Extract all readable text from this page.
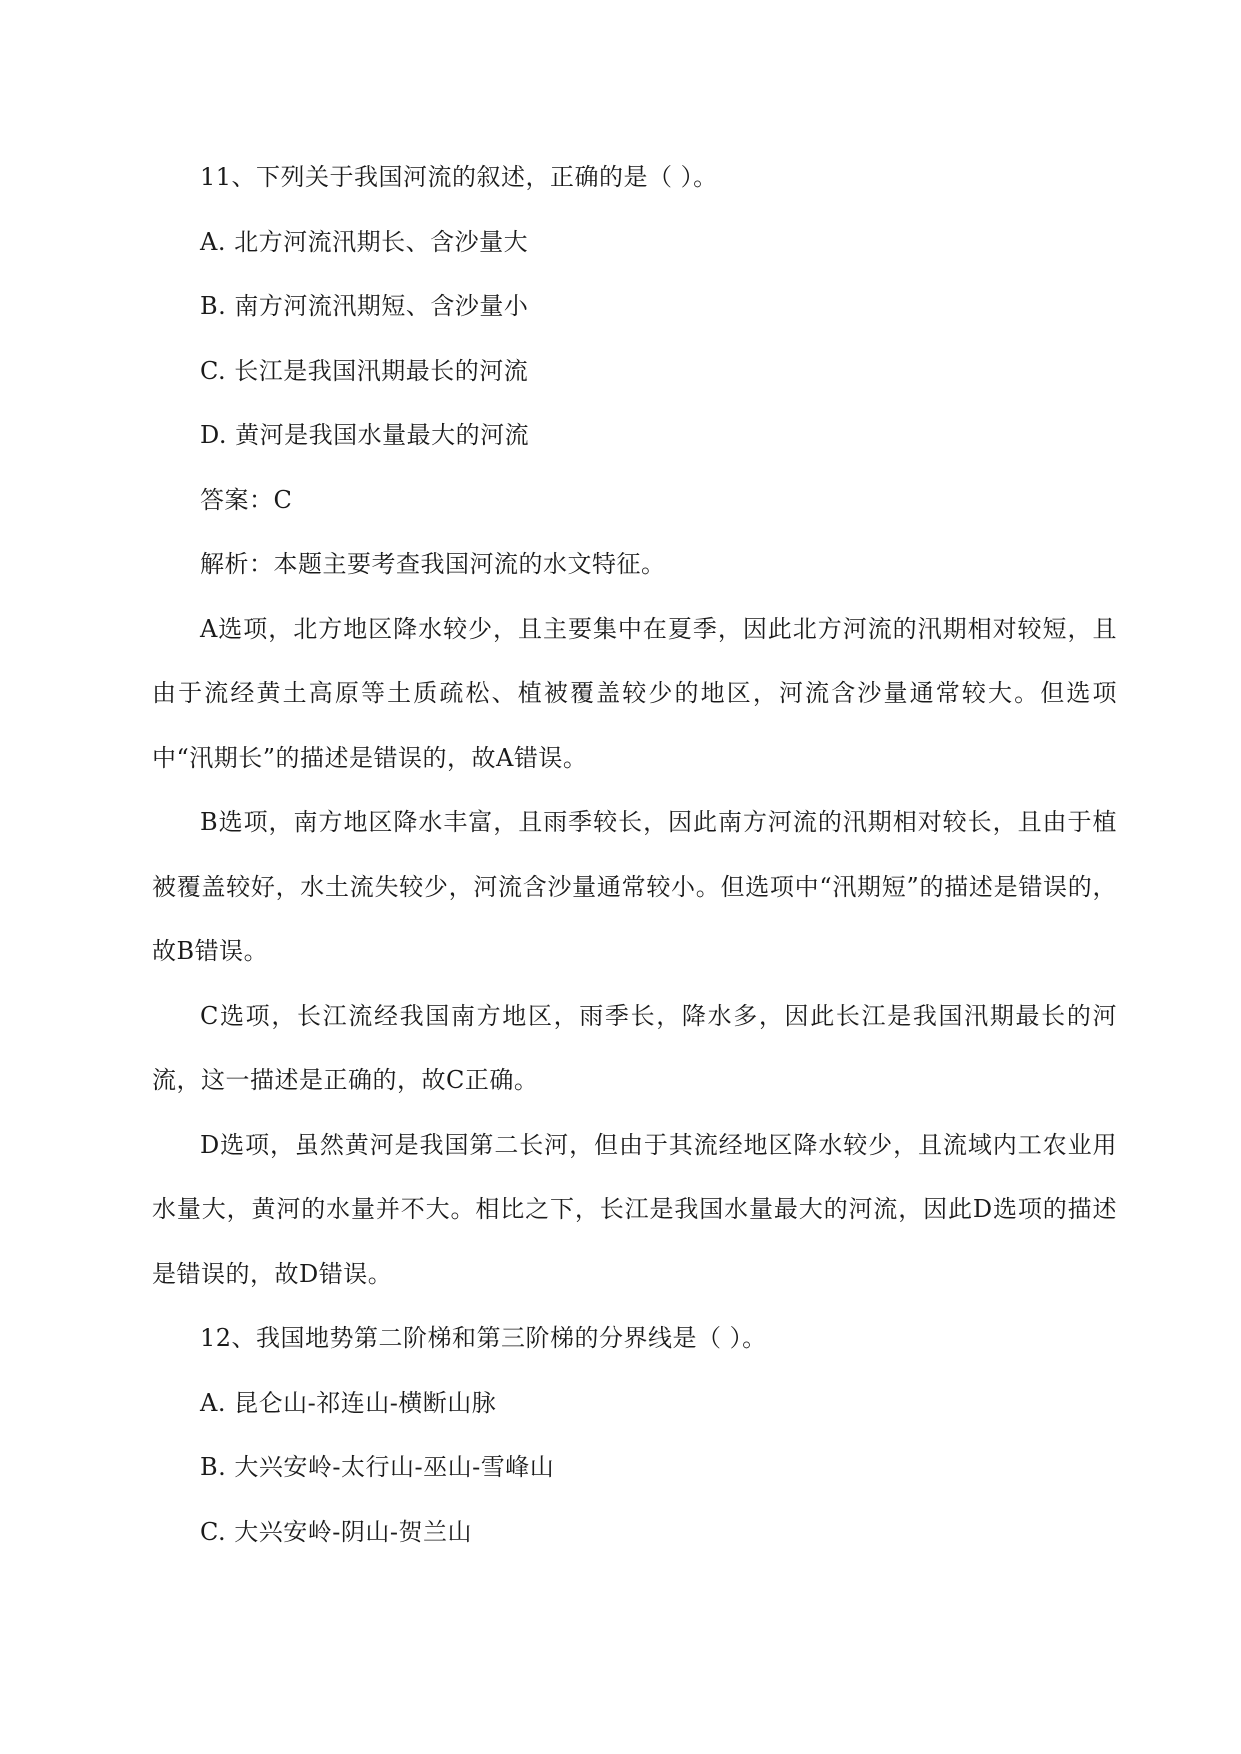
11、下列关于我国河流的叙述，正确的是（ ）。

A. 北方河流汛期长、含沙量大

B. 南方河流汛期短、含沙量小

C. 长江是我国汛期最长的河流

D. 黄河是我国水量最大的河流

答案：C

解析：本题主要考查我国河流的水文特征。

A选项，北方地区降水较少，且主要集中在夏季，因此北方河流的汛期相对较短，且由于流经黄土高原等土质疏松、植被覆盖较少的地区，河流含沙量通常较大。但选项中“汛期长”的描述是错误的，故A错误。

B选项，南方地区降水丰富，且雨季较长，因此南方河流的汛期相对较长，且由于植被覆盖较好，水土流失较少，河流含沙量通常较小。但选项中“汛期短”的描述是错误的，故B错误。

C选项，长江流经我国南方地区，雨季长，降水多，因此长江是我国汛期最长的河流，这一描述是正确的，故C正确。

D选项，虽然黄河是我国第二长河，但由于其流经地区降水较少，且流域内工农业用水量大，黄河的水量并不大。相比之下，长江是我国水量最大的河流，因此D选项的描述是错误的，故D错误。

12、我国地势第二阶梯和第三阶梯的分界线是（ ）。

A. 昆仑山-祁连山-横断山脉

B. 大兴安岭-太行山-巫山-雪峰山

C. 大兴安岭-阴山-贺兰山
